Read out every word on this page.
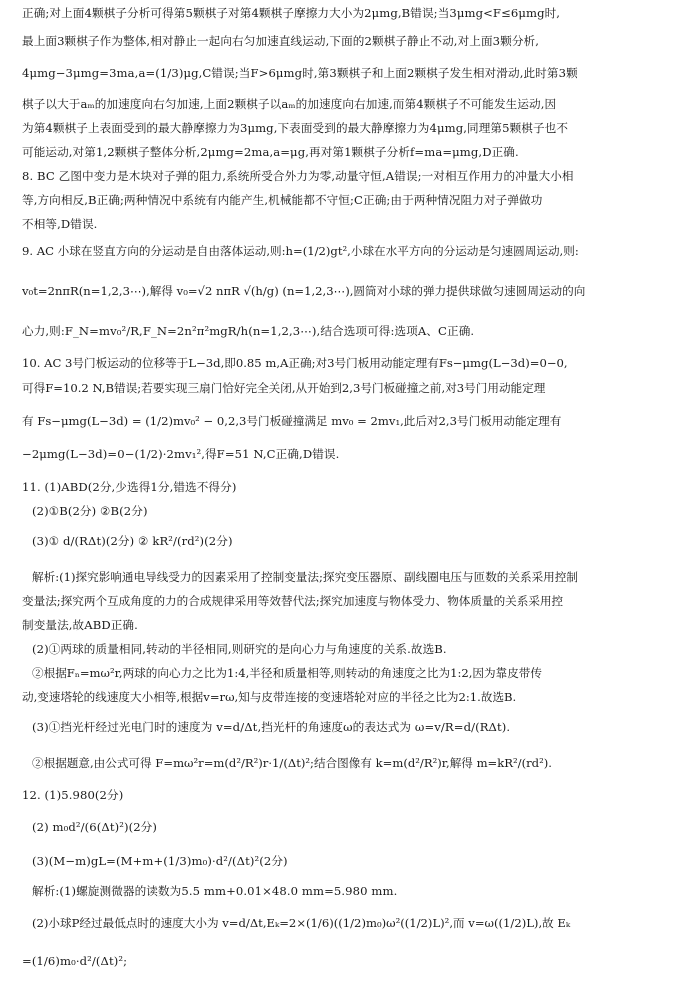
正确;对上面4颗棋子分析可得第5颗棋子对第4颗棋子摩擦力大小为2μmg,B错误;当3μmg<F≤6μmg时,
最上面3颗棋子作为整体,相对静止一起向右匀加速直线运动,下面的2颗棋子静止不动,对上面3颗分析,
4μmg−3μmg=3ma,a=(1/3)μg,C错误;当F>6μmg时,第3颗棋子和上面2颗棋子发生相对滑动,此时第3颗
棋子以大于aₘ的加速度向右匀加速,上面2颗棋子以aₘ的加速度向右加速,而第4颗棋子不可能发生运动,因
为第4颗棋子上表面受到的最大静摩擦力为3μmg,下表面受到的最大静摩擦力为4μmg,同理第5颗棋子也不
可能运动,对第1,2颗棋子整体分析,2μmg=2ma,a=μg,再对第1颗棋子分析f=ma=μmg,D正确.
8. BC 乙图中变力是木块对子弹的阻力,系统所受合外力为零,动量守恒,A错误;一对相互作用力的冲量大小相
等,方向相反,B正确;两种情况中系统有内能产生,机械能都不守恒;C正确;由于两种情况阻力对子弹做功
不相等,D错误.
9. AC 小球在竖直方向的分运动是自由落体运动,则:h=(1/2)gt²,小球在水平方向的分运动是匀速圆周运动,则:
v₀t=2nπR(n=1,2,3⋯),解得 v₀=√2 nπR √(h/g) (n=1,2,3⋯),圆筒对小球的弹力提供球做匀速圆周运动的向
心力,则:F_N=mv₀²/R,F_N=2n²π²mgR/h(n=1,2,3⋯),结合选项可得:选项A、C正确.
10. AC 3号门板运动的位移等于L−3d,即0.85 m,A正确;对3号门板用动能定理有Fs−μmg(L−3d)=0−0,
可得F=10.2 N,B错误;若要实现三扇门恰好完全关闭,从开始到2,3号门板碰撞之前,对3号门用动能定理
有 Fs−μmg(L−3d) = (1/2)mv₀² − 0,2,3号门板碰撞满足 mv₀ = 2mv₁,此后对2,3号门板用动能定理有
−2μmg(L−3d)=0−(1/2)·2mv₁²,得F=51 N,C正确,D错误.
11. (1)ABD(2分,少选得1分,错选不得分)
(2)①B(2分) ②B(2分)
(3)① d/(RΔt)(2分) ② kR²/(rd²)(2分)
解析:(1)探究影响通电导线受力的因素采用了控制变量法;探究变压器原、副线圈电压与匝数的关系采用控制
变量法;探究两个互成角度的力的合成规律采用等效替代法;探究加速度与物体受力、物体质量的关系采用控
制变量法,故ABD正确.
(2)①两球的质量相同,转动的半径相同,则研究的是向心力与角速度的关系.故选B.
②根据Fₙ=mω²r,两球的向心力之比为1:4,半径和质量相等,则转动的角速度之比为1:2,因为靠皮带传
动,变速塔轮的线速度大小相等,根据v=rω,知与皮带连接的变速塔轮对应的半径之比为2:1.故选B.
(3)①挡光杆经过光电门时的速度为 v=d/Δt,挡光杆的角速度ω的表达式为 ω=v/R=d/(RΔt).
②根据题意,由公式可得 F=mω²r=m(d²/R²)r·1/(Δt)²;结合图像有 k=m(d²/R²)r,解得 m=kR²/(rd²).
12. (1)5.980(2分)
(2) m₀d²/(6(Δt)²)(2分)
(3)(M−m)gL=(M+m+(1/3)m₀)·d²/(Δt)²(2分)
解析:(1)螺旋测微器的读数为5.5 mm+0.01×48.0 mm=5.980 mm.
(2)小球P经过最低点时的速度大小为 v=d/Δt,Eₖ=2×(1/6)((1/2)m₀)ω²((1/2)L)²,而 v=ω((1/2)L),故 Eₖ
=(1/6)m₀·d²/(Δt)²;
